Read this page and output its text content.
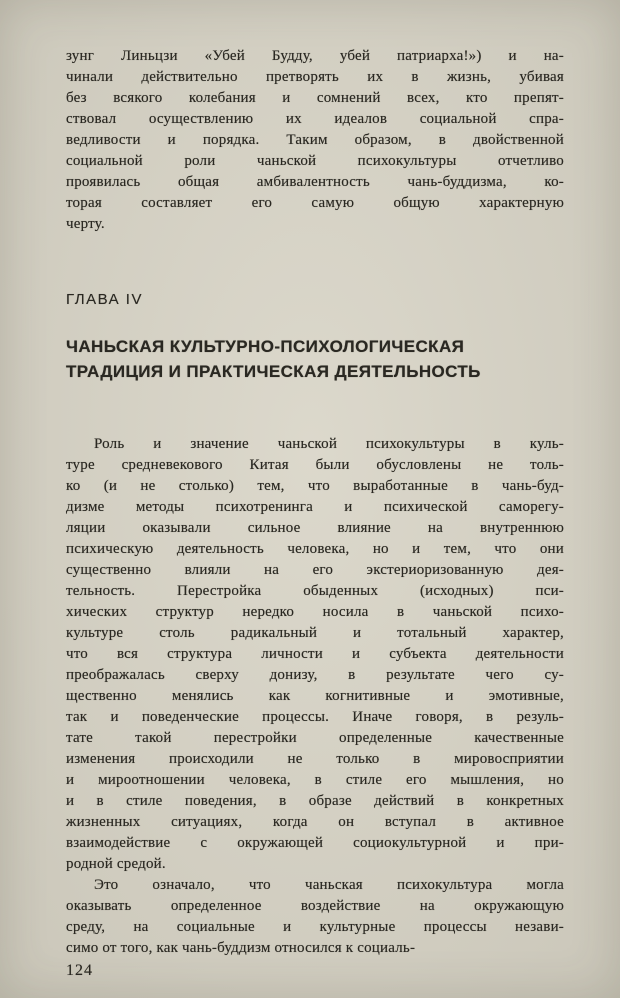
зунг Линьцзи «Убей Будду, убей патриарха!») и на-
чинали действительно претворять их в жизнь, убивая
без всякого колебания и сомнений всех, кто препят-
ствовал осуществлению их идеалов социальной спра-
ведливости и порядка. Таким образом, в двойственной
социальной роли чаньской психокультуры отчетливо
проявилась общая амбивалентность чань-буддизма, ко-
торая составляет его самую общую характерную
черту.
ГЛАВА IV
ЧАНЬСКАЯ КУЛЬТУРНО-ПСИХОЛОГИЧЕСКАЯ
ТРАДИЦИЯ И ПРАКТИЧЕСКАЯ ДЕЯТЕЛЬНОСТЬ
Роль и значение чаньской психокультуры в куль-
туре средневекового Китая были обусловлены не толь-
ко (и не столько) тем, что выработанные в чань-буд-
дизме методы психотренинга и психической саморегу-
ляции оказывали сильное влияние на внутреннюю
психическую деятельность человека, но и тем, что они
существенно влияли на его экстериоризованную дея-
тельность. Перестройка обыденных (исходных) пси-
хических структур нередко носила в чаньской психо-
культуре столь радикальный и тотальный характер,
что вся структура личности и субъекта деятельности
преображалась сверху донизу, в результате чего су-
щественно менялись как когнитивные и эмотивные,
так и поведенческие процессы. Иначе говоря, в резуль-
тате такой перестройки определенные качественные
изменения происходили не только в мировосприятии
и мироотношении человека, в стиле его мышления, но
и в стиле поведения, в образе действий в конкретных
жизненных ситуациях, когда он вступал в активное
взаимодействие с окружающей социокультурной и при-
родной средой.
Это означало, что чаньская психокультура могла
оказывать определенное воздействие на окружающую
среду, на социальные и культурные процессы незави-
симо от того, как чань-буддизм относился к социаль-
124
